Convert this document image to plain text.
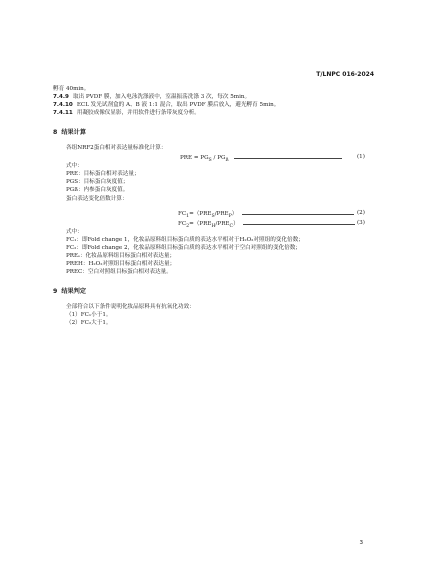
T/LNPC 016-2024
孵育 40min。
7.4.9 取出 PVDF 膜，加入电泳洗涤液中，室温振荡洗涤 3 次，每次 5min。
7.4.10 ECL 发光试剂盒的 A、B 液 1:1 混合，取出 PVDF 膜后放入，避光孵育 5min。
7.4.11 用凝胶成像仪显影，并用软件进行条带灰度分析。
8 结果计算
各组NRF2蛋白相对表达量标准化计算：
PRE = $PG_S / PG_ß$
(1)
式中：
PRE：目标蛋白相对表达量；
PGS：目标蛋白灰度值；
PGß：内参蛋白灰度值。
蛋白表达变化倍数计算：
$FC_1=(PRE_S/PRE_P)$	(2)
$FC_2=(PRE_H/PRE_C)$	(3)
式中：
FC₁：即Fold change 1，化妆品原料组目标蛋白质的表达水平相对于H₂O₂对照组的变化倍数；
FC₂：即Fold change 2，化妆品原料组目标蛋白质的表达水平相对于空白对照组的变化倍数；
PREₛ：化妆品原料组目标蛋白相对表达量；
PREH：H₂O₂对照组目标蛋白相对表达量；
PREC：空白对照组目标蛋白相对表达量。
9 结果判定
全部符合以下条件说明化妆品原料具有抗氧化功效：
（1）FC₁小于1。
（2）FC₂大于1。
3
